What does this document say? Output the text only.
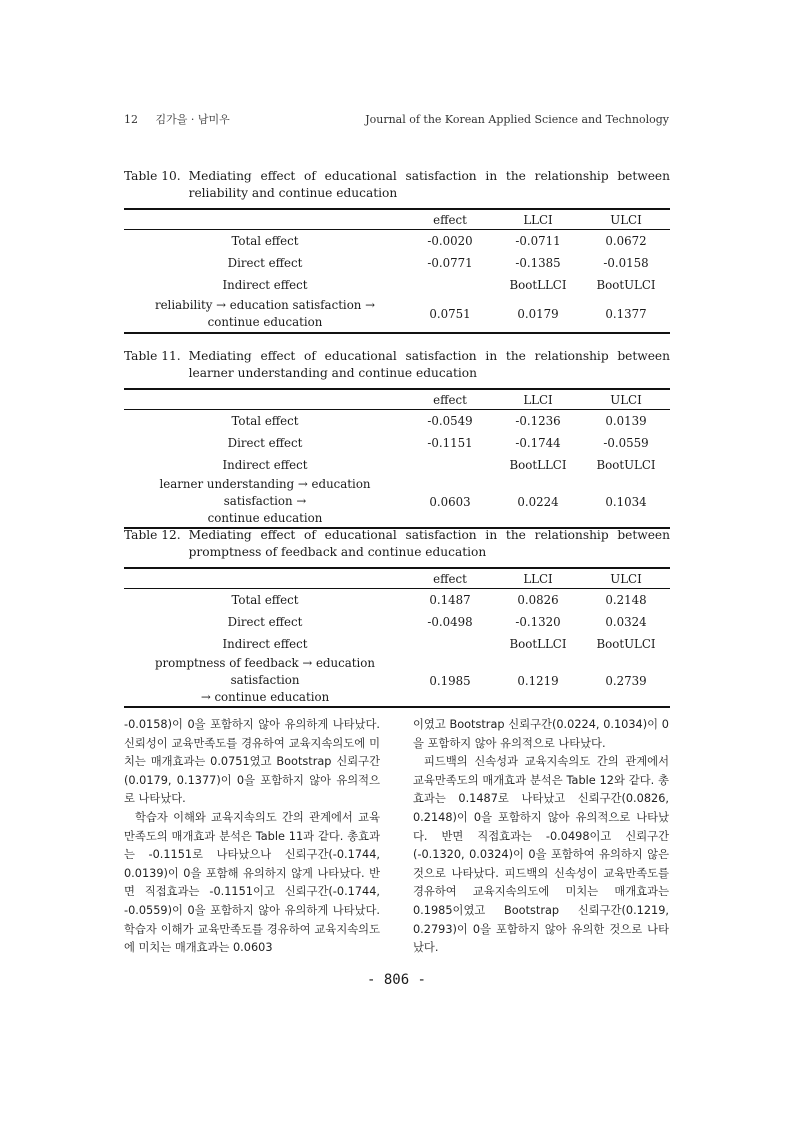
12 김가을 · 남미우	Journal of the Korean Applied Science and Technology
Table 10. Mediating effect of educational satisfaction in the relationship between reliability and continue education
	effect	LLCI	ULCI
Total effect	-0.0020	-0.0711	0.0672
Direct effect	-0.0771	-0.1385	-0.0158
Indirect effect		BootLLCI	BootULCI

reliability → education satisfaction →
continue education	0.0751	0.0179	0.1377
Table 11. Mediating effect of educational satisfaction in the relationship between learner understanding and continue education
	effect	LLCI	ULCI
Total effect	-0.0549	-0.1236	0.0139
Direct effect	-0.1151	-0.1744	-0.0559
Indirect effect		BootLLCI	BootULCI

learner understanding → education satisfaction →
continue education	0.0603	0.0224	0.1034
Table 12. Mediating effect of educational satisfaction in the relationship between promptness of feedback and continue education
	effect	LLCI	ULCI
Total effect	0.1487	0.0826	0.2148
Direct effect	-0.0498	-0.1320	0.0324
Indirect effect		BootLLCI	BootULCI

promptness of feedback → education satisfaction
→ continue education	0.1985	0.1219	0.2739

-0.0158)이 0을 포함하지 않아 유의하게 나타났다. 신뢰성이 교육만족도를 경유하여 교육지속의도에 미치는 매개효과는 0.0751였고 Bootstrap 신뢰구간(0.0179, 0.1377)이 0을 포함하지 않아 유의적으로 나타났다.

학습자 이해와 교육지속의도 간의 관계에서 교육만족도의 매개효과 분석은 Table 11과 같다. 총효과는 -0.1151로 나타났으나 신뢰구간(-0.1744, 0.0139)이 0을 포함해 유의하지 않게 나타났다. 반면 직접효과는 -0.1151이고 신뢰구간(-0.1744, -0.0559)이 0을 포함하지 않아 유의하게 나타났다. 학습자 이해가 교육만족도를 경유하여 교육지속의도에 미치는 매개효과는 0.0603

이였고 Bootstrap 신뢰구간(0.0224, 0.1034)이 0을 포함하지 않아 유의적으로 나타났다.

피드백의 신속성과 교육지속의도 간의 관계에서 교육만족도의 매개효과 분석은 Table 12와 같다. 총효과는 0.1487로 나타났고 신뢰구간(0.0826, 0.2148)이 0을 포함하지 않아 유의적으로 나타났다. 반면 직접효과는 -0.0498이고 신뢰구간(-0.1320, 0.0324)이 0을 포함하여 유의하지 않은 것으로 나타났다. 피드백의 신속성이 교육만족도를 경유하여 교육지속의도에 미치는 매개효과는 0.1985이였고 Bootstrap 신뢰구간(0.1219, 0.2793)이 0을 포함하지 않아 유의한 것으로 나타났다.

- 806 -
